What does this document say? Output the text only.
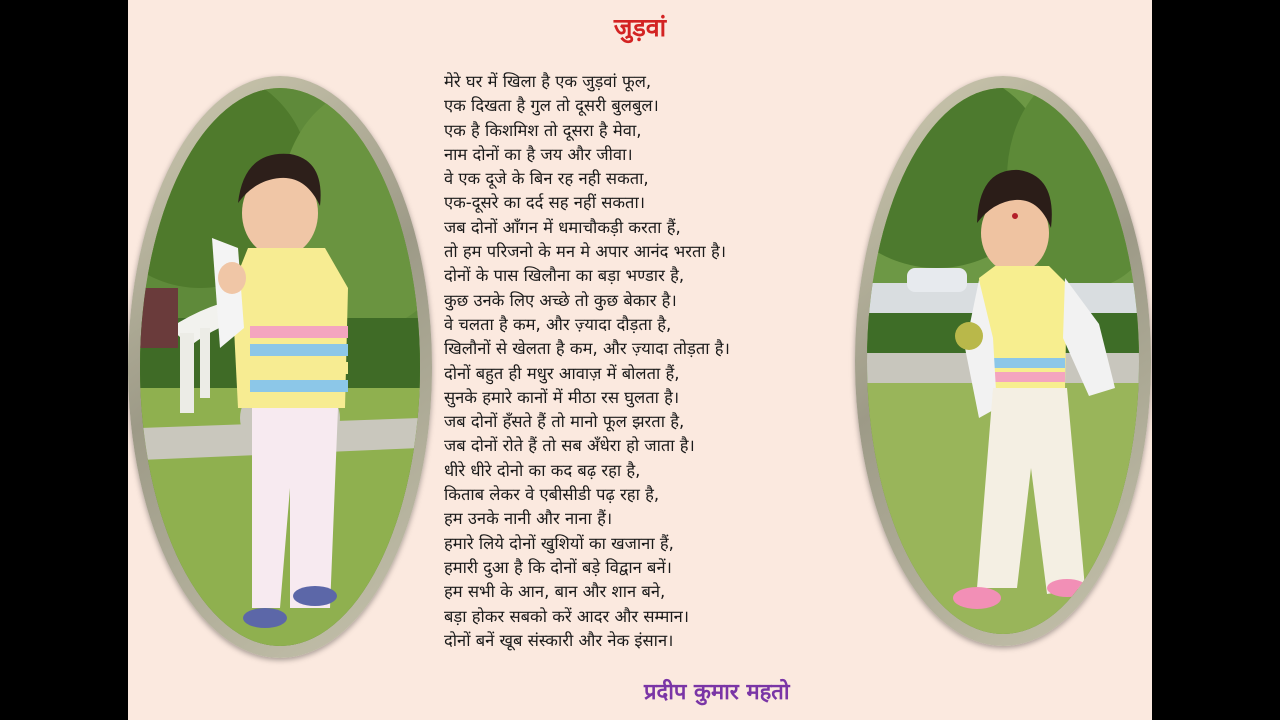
जुड़वां
मेरे घर में खिला है एक जुड़वां फूल,
एक दिखता है गुल तो दूसरी बुलबुल।
एक है किशमिश तो दूसरा है मेवा,
नाम दोनों का है जय और जीवा।
वे एक दूजे के बिन रह नही सकता,
एक-दूसरे का दर्द सह नहीं सकता।
जब दोनों आँगन में धमाचौकड़ी करता हैं,
तो हम परिजनो के मन मे अपार आनंद भरता है।
दोनों के पास खिलौना का बड़ा भण्डार है,
कुछ उनके लिए अच्छे तो कुछ बेकार है।
वे चलता है कम, और ज़्यादा दौड़ता है,
खिलौनों से खेलता है कम, और ज़्यादा तोड़ता है।
दोनों बहुत ही मधुर आवाज़ में बोलता हैं,
सुनके हमारे कानों में मीठा रस घुलता है।
जब दोनों हँसते हैं तो मानो फूल झरता है,
जब दोनों रोते हैं तो सब अँधेरा हो जाता है।
धीरे धीरे दोनो का कद बढ़ रहा है,
किताब लेकर वे एबीसीडी पढ़ रहा है,
हम उनके नानी और नाना हैं।
हमारे लिये दोनों खुशियों का खजाना हैं,
हमारी दुआ है कि दोनों बड़े विद्वान बनें।
हम सभी के आन, बान और शान बने,
बड़ा होकर सबको करें आदर और सम्मान।
दोनों बनें खूब संस्कारी और नेक इंसान।
प्रदीप कुमार महतो
